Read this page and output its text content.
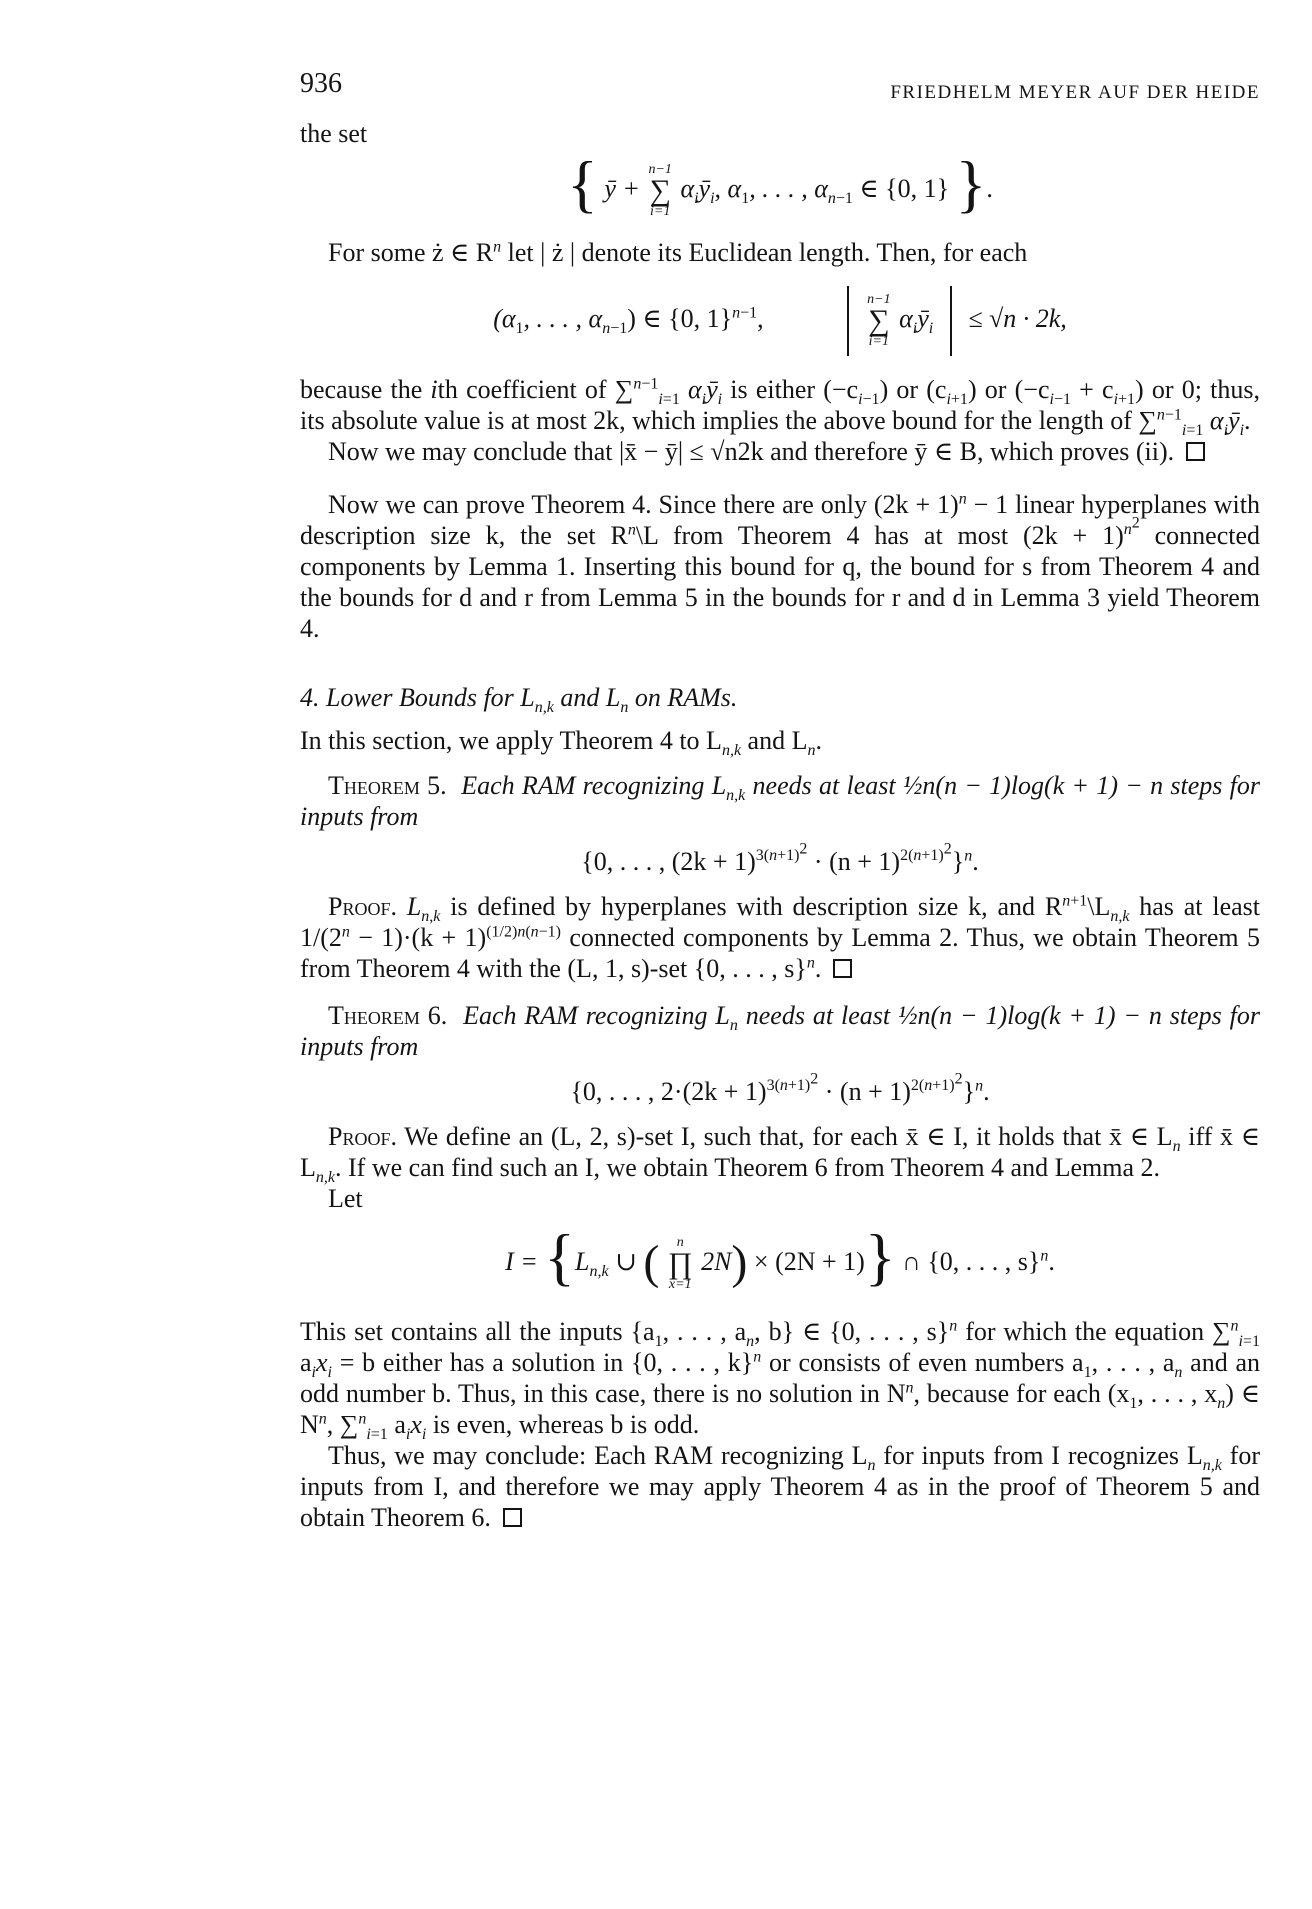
936	FRIEDHELM MEYER AUF DER HEIDE

the set

{ ȳ +
n−1
∑
i=1
$\alpha_iȳ_i$, $\alpha_1$, . . . , $\alpha_{n-1}$ ∈ {0, 1} }.

For some ż ∈ $R^n$ let | ż | denote its Euclidean length. Then, for each

($\alpha_1$, . . . , $\alpha_{n-1}$) ∈ {0, 1}$^{n-1}$,
n−1
∑
i=1
$\alpha_iȳ_i \le √n \cdot 2k$,

because the ith coefficient of ∑$^{n-1}_{i=1}$ $\alpha_iȳ_i$ is either $(-c_{i-1})$ or $(c_{i+1})$ or $(-c_{i-1} + c_{i+1})$ or 0; thus, its absolute value is at most 2k, which implies the above bound for the length of ∑$^{n-1}_{i=1}$ $\alpha_iȳ_i$.

Now we may conclude that |x̄ − ȳ| ≤ √n2k and therefore ȳ ∈ B, which proves (ii).

Now we can prove Theorem 4. Since there are only $(2k + 1)^n - 1$ linear hyperplanes with description size k, the set $R^n\backslash L$ from Theorem 4 has at most $(2k + 1)^{n^2}$ connected components by Lemma 1. Inserting this bound for q, the bound for s from Theorem 4 and the bounds for d and r from Lemma 5 in the bounds for r and d in Lemma 3 yield Theorem 4.

4. Lower Bounds for $L_{n,k}$ and $L_n$ on RAMs.

In this section, we apply Theorem 4 to $L_{n,k}$ and $L_n$.

Theorem 5. Each RAM recognizing $L_{n,k}$ needs at least ½n(n − 1)log(k + 1) − n steps for inputs from

{0, . . . , $(2k + 1)^{3(n+1)^2} \cdot (n + 1)^{2(n+1)^2}\}^n$.

Proof. $L_{n,k}$ is defined by hyperplanes with description size k, and $R^{n+1}\backslash L_{n,k}$ has at least $1/(2^n - 1)\cdot(k + 1)^{(1/2)n(n-1)}$ connected components by Lemma 2. Thus, we obtain Theorem 5 from Theorem 4 with the (L, 1, s)-set {0, . . . , s}$^n$.

Theorem 6. Each RAM recognizing $L_n$ needs at least ½n(n − 1)log(k + 1) − n steps for inputs from

{0, . . . , $2\cdot(2k + 1)^{3(n+1)^2} \cdot (n + 1)^{2(n+1)^2}\}^n$.

Proof. We define an (L, 2, s)-set I, such that, for each x̄ ∈ I, it holds that x̄ ∈ $L_n$ iff x̄ ∈ $L_{n,k}$. If we can find such an I, we obtain Theorem 6 from Theorem 4 and Lemma 2.

Let

$I = \{L_{n,k}$ ∪ ( n
∏
x=1
2N) × (2N + 1)} ∩ {0, . . . , s}$^n$.

This set contains all the inputs {$a_1$, . . . , $a_n$, b} ∈ {0, . . . , s}$^n$ for which the equation ∑$^n_{i=1}$ $a_ix_i = b$ either has a solution in {0, . . . , k}$^n$ or consists of even numbers $a_1$, . . . , $a_n$ and an odd number b. Thus, in this case, there is no solution in $N^n$, because for each ($x_1$, . . . , $x_n$) ∈ $N^n$, ∑$^n_{i=1}$ $a_ix_i$ is even, whereas b is odd.

Thus, we may conclude: Each RAM recognizing $L_n$ for inputs from I recognizes $L_{n,k}$ for inputs from I, and therefore we may apply Theorem 4 as in the proof of Theorem 5 and obtain Theorem 6.
